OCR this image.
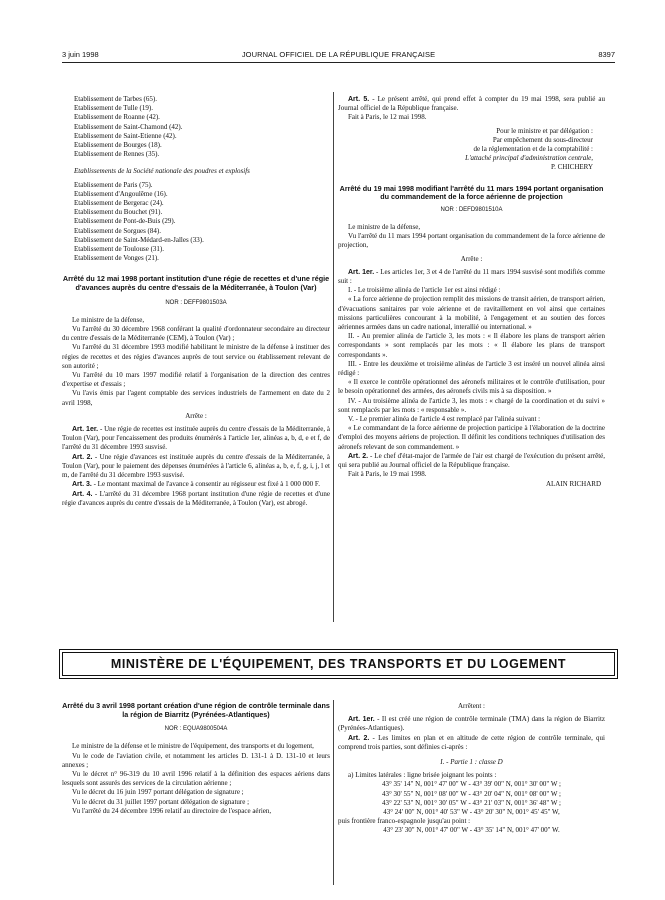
3 juin 1998	JOURNAL OFFICIEL DE LA RÉPUBLIQUE FRANÇAISE	8397

Etablissement de Tarbes (65).

Etablissement de Tulle (19).

Etablissement de Roanne (42).

Etablissement de Saint-Chamond (42).

Etablissement de Saint-Etienne (42).

Etablissement de Bourges (18).

Etablissement de Rennes (35).

Etablissements de la Société nationale des poudres et explosifs

Etablissement de Paris (75).

Etablissement d'Angoulême (16).

Etablissement de Bergerac (24).

Etablissement du Bouchet (91).

Etablissement de Pont-de-Buis (29).

Etablissement de Sorgues (84).

Etablissement de Saint-Médard-en-Jalles (33).

Etablissement de Toulouse (31).

Etablissement de Vonges (21).

Arrêté du 12 mai 1998 portant institution d'une régie de recettes et d'une régie d'avances auprès du centre d'essais de la Méditerranée, à Toulon (Var)

NOR : DEFF9801503A

Le ministre de la défense,

Vu l'arrêté du 30 décembre 1968 conférant la qualité d'ordonnateur secondaire au directeur du centre d'essais de la Méditerranée (CEM), à Toulon (Var) ;

Vu l'arrêté du 31 décembre 1993 modifié habilitant le ministre de la défense à instituer des régies de recettes et des régies d'avances auprès de tout service ou établissement relevant de son autorité ;

Vu l'arrêté du 10 mars 1997 modifié relatif à l'organisation de la direction des centres d'expertise et d'essais ;

Vu l'avis émis par l'agent comptable des services industriels de l'armement en date du 2 avril 1998,

Arrête :

Art. 1er. - Une régie de recettes est instituée auprès du centre d'essais de la Méditerranée, à Toulon (Var), pour l'encaissement des produits énumérés à l'article 1er, alinéas a, b, d, e et f, de l'arrêté du 31 décembre 1993 susvisé.

Art. 2. - Une régie d'avances est instituée auprès du centre d'essais de la Méditerranée, à Toulon (Var), pour le paiement des dépenses énumérées à l'article 6, alinéas a, b, e, f, g, i, j, l et m, de l'arrêté du 31 décembre 1993 susvisé.

Art. 3. - Le montant maximal de l'avance à consentir au régisseur est fixé à 1 000 000 F.

Art. 4. - L'arrêté du 31 décembre 1968 portant institution d'une régie de recettes et d'une régie d'avances auprès du centre d'essais de la Méditerranée, à Toulon (Var), est abrogé.

Art. 5. - Le présent arrêté, qui prend effet à compter du 19 mai 1998, sera publié au Journal officiel de la République française.

Fait à Paris, le 12 mai 1998.

Pour le ministre et par délégation :

Par empêchement du sous-directeur

de la réglementation et de la comptabilité :

L'attaché principal d'administration centrale,

P. CHICHERY

Arrêté du 19 mai 1998 modifiant l'arrêté du 11 mars 1994 portant organisation du commandement de la force aérienne de projection

NOR : DEFD9801510A

Le ministre de la défense,

Vu l'arrêté du 11 mars 1994 portant organisation du commandement de la force aérienne de projection,

Arrête :

Art. 1er. - Les articles 1er, 3 et 4 de l'arrêté du 11 mars 1994 susvisé sont modifiés comme suit :

I. - Le troisième alinéa de l'article 1er est ainsi rédigé :

« La force aérienne de projection remplit des missions de transit aérien, de transport aérien, d'évacuations sanitaires par voie aérienne et de ravitaillement en vol ainsi que certaines missions particulières concourant à la mobilité, à l'engagement et au soutien des forces aériennes armées dans un cadre national, interallié ou international. »

II. - Au premier alinéa de l'article 3, les mots : « Il élabore les plans de transport aérien correspondants » sont remplacés par les mots : « Il élabore les plans de transport correspondants ».

III. - Entre les deuxième et troisième alinéas de l'article 3 est inséré un nouvel alinéa ainsi rédigé :

« Il exerce le contrôle opérationnel des aéronefs militaires et le contrôle d'utilisation, pour le besoin opérationnel des armées, des aéronefs civils mis à sa disposition. »

IV. - Au troisième alinéa de l'article 3, les mots : « chargé de la coordination et du suivi » sont remplacés par les mots : « responsable ».

V. - Le premier alinéa de l'article 4 est remplacé par l'alinéa suivant :

« Le commandant de la force aérienne de projection participe à l'élaboration de la doctrine d'emploi des moyens aériens de projection. Il définit les conditions techniques d'utilisation des aéronefs relevant de son commandement. »

Art. 2. - Le chef d'état-major de l'armée de l'air est chargé de l'exécution du présent arrêté, qui sera publié au Journal officiel de la République française.

Fait à Paris, le 19 mai 1998.

ALAIN RICHARD

MINISTÈRE DE L'ÉQUIPEMENT, DES TRANSPORTS ET DU LOGEMENT

Arrêté du 3 avril 1998 portant création d'une région de contrôle terminale dans la région de Biarritz (Pyrénées-Atlantiques)

NOR : EQUA9800504A

Le ministre de la défense et le ministre de l'équipement, des transports et du logement,

Vu le code de l'aviation civile, et notamment les articles D. 131-1 à D. 131-10 et leurs annexes ;

Vu le décret n° 96-319 du 10 avril 1996 relatif à la définition des espaces aériens dans lesquels sont assurés des services de la circulation aérienne ;

Vu le décret du 16 juin 1997 portant délégation de signature ;

Vu le décret du 31 juillet 1997 portant délégation de signature ;

Vu l'arrêté du 24 décembre 1996 relatif au directoire de l'espace aérien,

Arrêtent :

Art. 1er. - Il est créé une région de contrôle terminale (TMA) dans la région de Biarritz (Pyrénées-Atlantiques).

Art. 2. - Les limites en plan et en altitude de cette région de contrôle terminale, qui comprend trois parties, sont définies ci-après :

I. - Partie 1 : classe D

a) Limites latérales : ligne brisée joignant les points :

43° 35' 14" N, 001° 47' 00" W - 43° 39' 00" N, 001° 30' 00" W ;

43° 30' 55" N, 001° 08' 00" W - 43° 20' 04" N, 001° 08' 00" W ;

43° 22' 53" N, 001° 30' 05" W - 43° 21' 03" N, 001° 36' 48" W ;

43° 24' 00" N, 001° 40' 53" W - 43° 20' 30" N, 001° 45' 45" W,

puis frontière franco-espagnole jusqu'au point :

43° 23' 30" N, 001° 47' 00" W - 43° 35' 14" N, 001° 47' 00" W.
